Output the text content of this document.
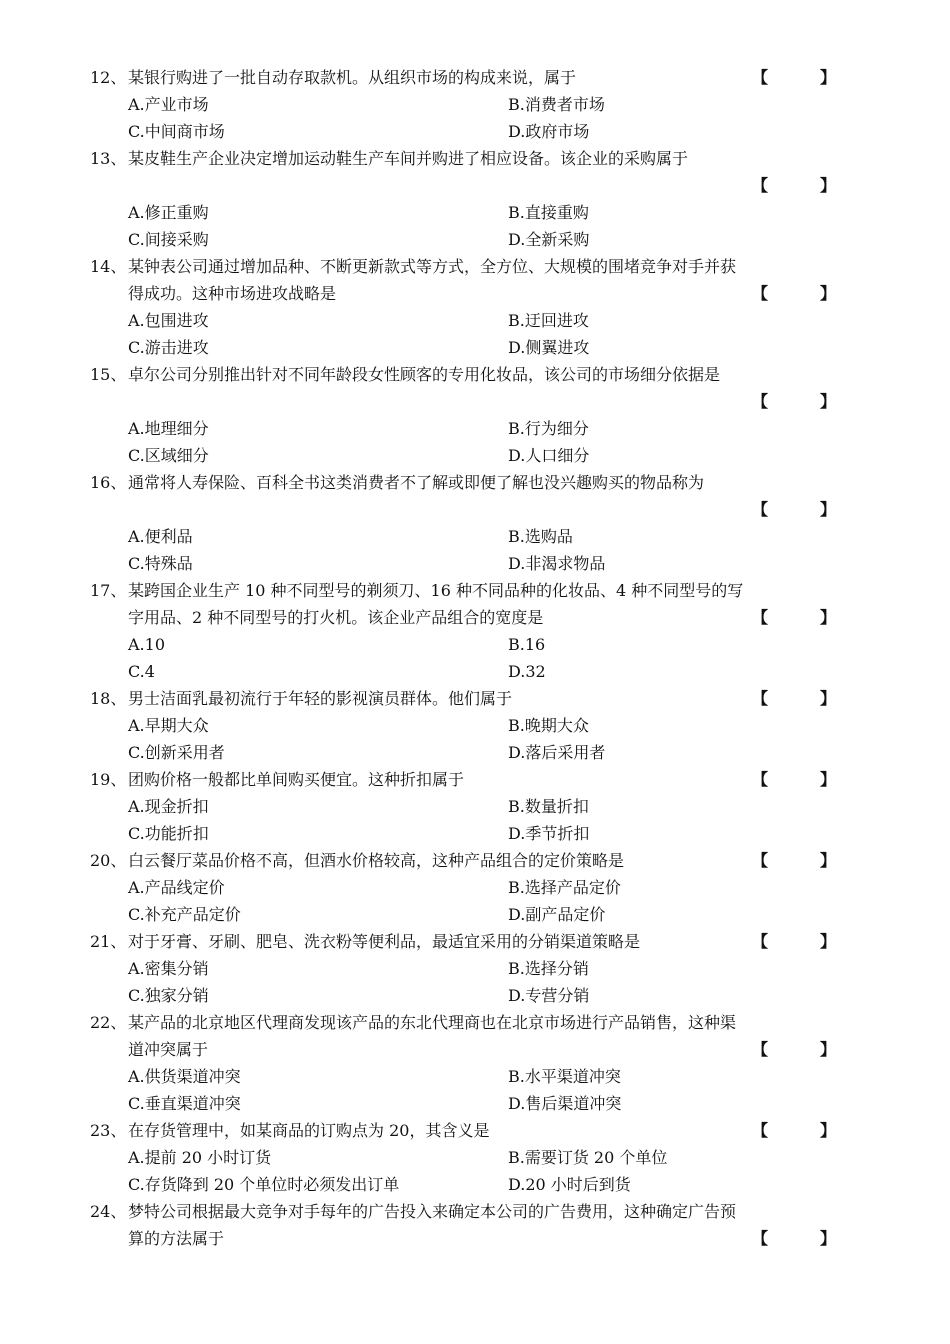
12、 某银行购进了一批自动存取款机。从组织市场的构成来说，属于	【	】
A.产业市场	B.消费者市场
C.中间商市场	D.政府市场
13、 某皮鞋生产企业决定增加运动鞋生产车间并购进了相应设备。该企业的采购属于
【	】
A.修正重购	B.直接重购
C.间接采购	D.全新采购
14、 某钟表公司通过增加品种、不断更新款式等方式，全方位、大规模的围堵竞争对手并获
得成功。这种市场进攻战略是	【	】
A.包围进攻	B.迂回进攻
C.游击进攻	D.侧翼进攻
15、 卓尔公司分别推出针对不同年龄段女性顾客的专用化妆品，该公司的市场细分依据是
【	】
A.地理细分	B.行为细分
C.区域细分	D.人口细分
16、 通常将人寿保险、百科全书这类消费者不了解或即便了解也没兴趣购买的物品称为
【	】
A.便利品	B.选购品
C.特殊品	D.非渴求物品
17、 某跨国企业生产 10 种不同型号的剃须刀、16 种不同品种的化妆品、4 种不同型号的写
字用品、2 种不同型号的打火机。该企业产品组合的宽度是	【	】
A.10	B.16
C.4	D.32
18、 男士洁面乳最初流行于年轻的影视演员群体。他们属于	【	】
A.早期大众	B.晚期大众
C.创新采用者	D.落后采用者
19、 团购价格一般都比单间购买便宜。这种折扣属于	【	】
A.现金折扣	B.数量折扣
C.功能折扣	D.季节折扣
20、 白云餐厅菜品价格不高，但酒水价格较高，这种产品组合的定价策略是	【	】
A.产品线定价	B.选择产品定价
C.补充产品定价	D.副产品定价
21、 对于牙膏、牙刷、肥皂、洗衣粉等便利品，最适宜采用的分销渠道策略是	【	】
A.密集分销	B.选择分销
C.独家分销	D.专营分销
22、 某产品的北京地区代理商发现该产品的东北代理商也在北京市场进行产品销售，这种渠
道冲突属于	【	】
A.供货渠道冲突	B.水平渠道冲突
C.垂直渠道冲突	D.售后渠道冲突
23、 在存货管理中，如某商品的订购点为 20，其含义是	【	】
A.提前 20 小时订货	B.需要订货 20 个单位
C.存货降到 20 个单位时必须发出订单	D.20 小时后到货
24、 梦特公司根据最大竞争对手每年的广告投入来确定本公司的广告费用，这种确定广告预
算的方法属于	【	】
